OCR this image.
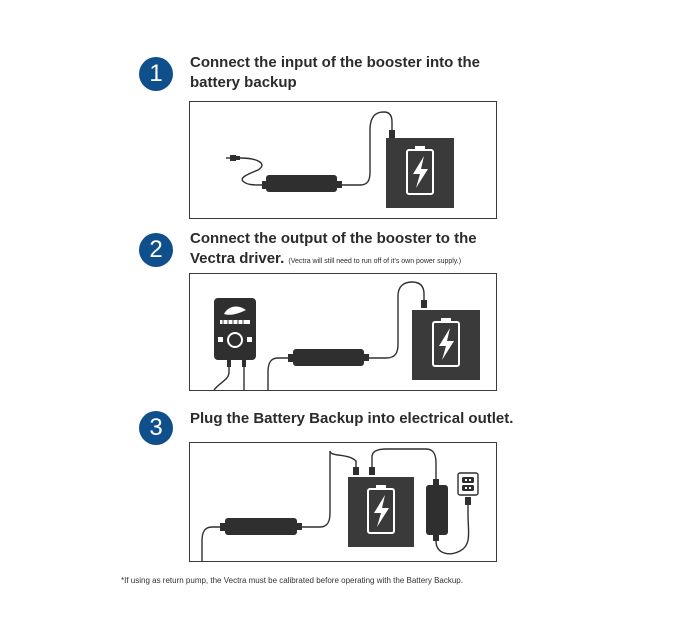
1	Connect the input of the booster into the
battery backup
2	Connect the output of the booster to the
Vectra driver. (Vectra will still need to run off of it's own power supply.)
3	Plug the Battery Backup into electrical outlet.
*If using as return pump, the Vectra must be calibrated before operating with the Battery Backup.
